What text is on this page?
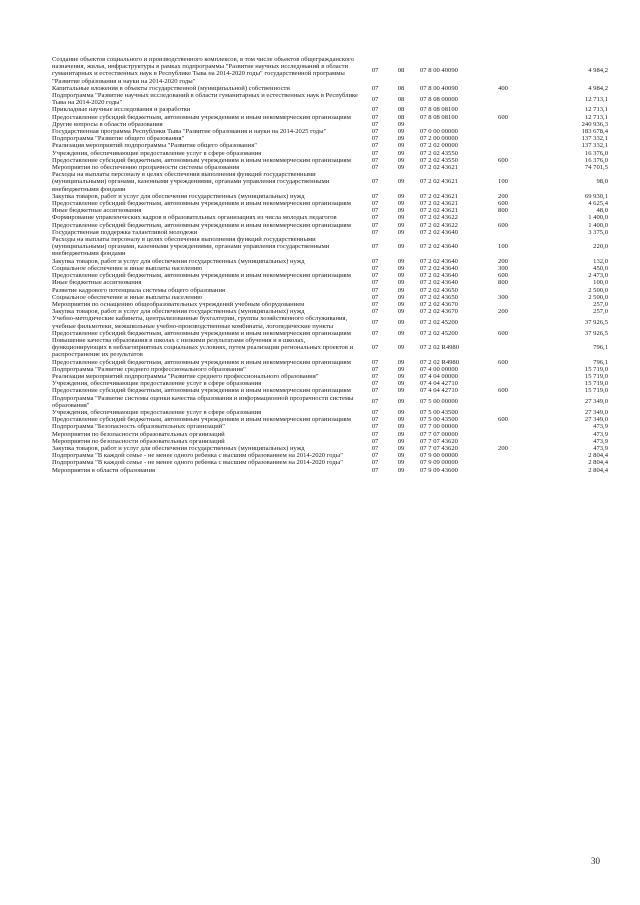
Создание объектов социального и производственного комплексов, в том числе объектов общегражданского назначения, жилья, инфраструктуры в рамках подпрограммы "Развитие научных исследований в области гуманитарных и естественных наук в Республике Тыва на 2014-2020 годы" государственной программы "Развитие образования и науки на 2014-2020 годы"	07	08	07 8 00 40090		4 984,2
Капитальные вложения в объекты государственной (муниципальной) собственности	07	08	07 8 00 40090	400	4 984,2
Подпрограмма "Развитие научных исследований в области гуманитарных и естественных наук в Республике Тыва на 2014-2020 годы"	07	08	07 8 08 00000		12 713,1
Прикладные научные исследования и разработки	07	08	07 8 08 08100		12 713,1
Предоставление субсидий бюджетным, автономным учреждениям и иным некоммерческим организациям	07	08	07 8 08 08100	600	12 713,1
Другие вопросы в области образования	07	09			240 936,3
Государственная программа Республики Тыва "Развитие образования и науки на 2014-2025 годы"	07	09	07 0 00 00000		183 678,4
Подпрограмма "Развитие общего образования"	07	09	07 2 00 00000		137 332,1
Реализация мероприятий подпрограммы "Развитие общего образования"	07	09	07 2 02 00000		137 332,1
Учреждения, обеспечивающие предоставление услуг в сфере образования	07	09	07 2 02 43550		16 376,0
Предоставление субсидий бюджетным, автономным учреждениям и иным некоммерческим организациям	07	09	07 2 02 43550	600	16 376,0
Мероприятия по обеспечению прозрачности системы образования	07	09	07 2 02 43621		74 701,5
Расходы на выплаты персоналу в целях обеспечения выполнения функций государственными (муниципальными) органами, казенными учреждениями, органами управления государственными внебюджетными фондами	07	09	07 2 02 43621	100	98,0
Закупка товаров, работ и услуг для обеспечения государственных (муниципальных) нужд	07	09	07 2 02 43621	200	69 930,1
Предоставление субсидий бюджетным, автономным учреждениям и иным некоммерческим организациям	07	09	07 2 02 43621	600	4 625,4
Иные бюджетные ассигнования	07	09	07 2 02 43621	800	48,0
Формирование управленческих кадров в образовательных организациях из числа молодых педагогов	07	09	07 2 02 43622		1 400,0
Предоставление субсидий бюджетным, автономным учреждениям и иным некоммерческим организациям	07	09	07 2 02 43622	600	1 400,0
Государственная поддержка талантливой молодежи	07	09	07 2 02 43640		3 375,0
Расходы на выплаты персоналу в целях обеспечения выполнения функций государственными (муниципальными) органами, казенными учреждениями, органами управления государственными внебюджетными фондами	07	09	07 2 02 43640	100	220,0
Закупка товаров, работ и услуг для обеспечения государственных (муниципальных) нужд	07	09	07 2 02 43640	200	132,0
Социальное обеспечение и иные выплаты населению	07	09	07 2 02 43640	300	450,0
Предоставление субсидий бюджетным, автономным учреждениям и иным некоммерческим организациям	07	09	07 2 02 43640	600	2 473,0
Иные бюджетные ассигнования	07	09	07 2 02 43640	800	100,0
Развитие кадрового потенциала системы общего образования	07	09	07 2 02 43650		2 500,0
Социальное обеспечение и иные выплаты населению	07	09	07 2 02 43650	300	2 500,0
Мероприятия по оснащению общеобразовательных учреждений учебным оборудованием	07	09	07 2 02 43670		257,0
Закупка товаров, работ и услуг для обеспечения государственных (муниципальных) нужд	07	09	07 2 02 43670	200	257,0
Учебно-методические кабинеты, централизованные бухгалтерии, группы хозяйственного обслуживания, учебные фильмотеки, межшкольные учебно-производственные комбинаты, логопедические пункты	07	09	07 2 02 45200		37 926,5
Предоставление субсидий бюджетным, автономным учреждениям и иным некоммерческим организациям	07	09	07 2 02 45200	600	37 926,5
Повышение качества образования в школах с низкими результатами обучения и в школах, функционирующих в неблагоприятных социальных условиях, путем реализации региональных проектов и распространение их результатов	07	09	07 2 02 R4980		796,1
Предоставление субсидий бюджетным, автономным учреждениям и иным некоммерческим организациям	07	09	07 2 02 R4980	600	796,1
Подпрограмма "Развитие среднего профессионального образования"	07	09	07 4 00 00000		15 719,0
Реализация мероприятий подпрограммы "Развитие среднего профессионального образования"	07	09	07 4 04 00000		15 719,0
Учреждения, обеспечивающие предоставление услуг в сфере образования	07	09	07 4 04 42710		15 719,0
Предоставление субсидий бюджетным, автономным учреждениям и иным некоммерческим организациям	07	09	07 4 04 42710	600	15 719,0
Подпрограмма "Развитие системы оценки качества образования и информационной прозрачности системы образования"	07	09	07 5 00 00000		27 349,0
Учреждения, обеспечивающие предоставление услуг в сфере образования	07	09	07 5 00 43500		27 349,0
Предоставление субсидий бюджетным, автономным учреждениям и иным некоммерческим организациям	07	09	07 5 00 43500	600	27 349,0
Подпрограмма "Безопасность образовательных организаций"	07	09	07 7 00 00000		473,9
Мероприятия по безопасности образовательных организаций	07	09	07 7 07 00000		473,9
Мероприятия по безопасности образовательных организаций	07	09	07 7 07 43620		473,9
Закупка товаров, работ и услуг для обеспечения государственных (муниципальных) нужд	07	09	07 7 07 43620	200	473,9
Подпрограмма "В каждой семье - не менее одного ребенка с высшим образованием на 2014-2020 годы"	07	09	07 9 00 00000		2 804,4
Подпрограмма "В каждой семье - не менее одного ребенка с высшим образованием на 2014-2020 годы"	07	09	07 9 09 00000		2 804,4
Мероприятия в области образования	07	09	07 9 09 43600		2 804,4
30
